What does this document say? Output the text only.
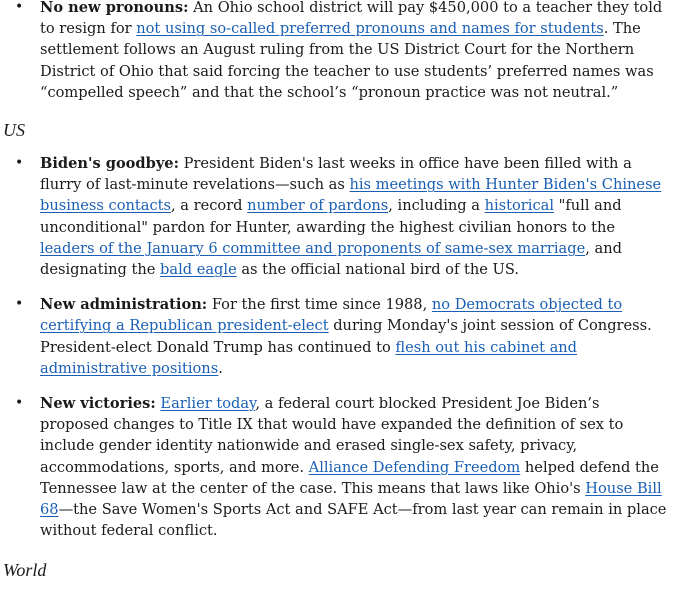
• No new pronouns: An Ohio school district will pay $450,000 to a teacher they told to resign for not using so-called preferred pronouns and names for students. The settlement follows an August ruling from the US District Court for the Northern District of Ohio that said forcing the teacher to use students’ preferred names was “compelled speech” and that the school’s “pronoun practice was not neutral.”
US
• Biden's goodbye: President Biden's last weeks in office have been filled with a flurry of last-minute revelations—such as his meetings with Hunter Biden's Chinese business contacts, a record number of pardons, including a historical "full and unconditional" pardon for Hunter, awarding the highest civilian honors to the leaders of the January 6 committee and proponents of same-sex marriage, and designating the bald eagle as the official national bird of the US.
• New administration: For the first time since 1988, no Democrats objected to certifying a Republican president-elect during Monday's joint session of Congress. President-elect Donald Trump has continued to flesh out his cabinet and administrative positions.
• New victories: Earlier today, a federal court blocked President Joe Biden’s proposed changes to Title IX that would have expanded the definition of sex to include gender identity nationwide and erased single-sex safety, privacy, accommodations, sports, and more. Alliance Defending Freedom helped defend the Tennessee law at the center of the case. This means that laws like Ohio's House Bill 68—the Save Women's Sports Act and SAFE Act—from last year can remain in place without federal conflict.
World
